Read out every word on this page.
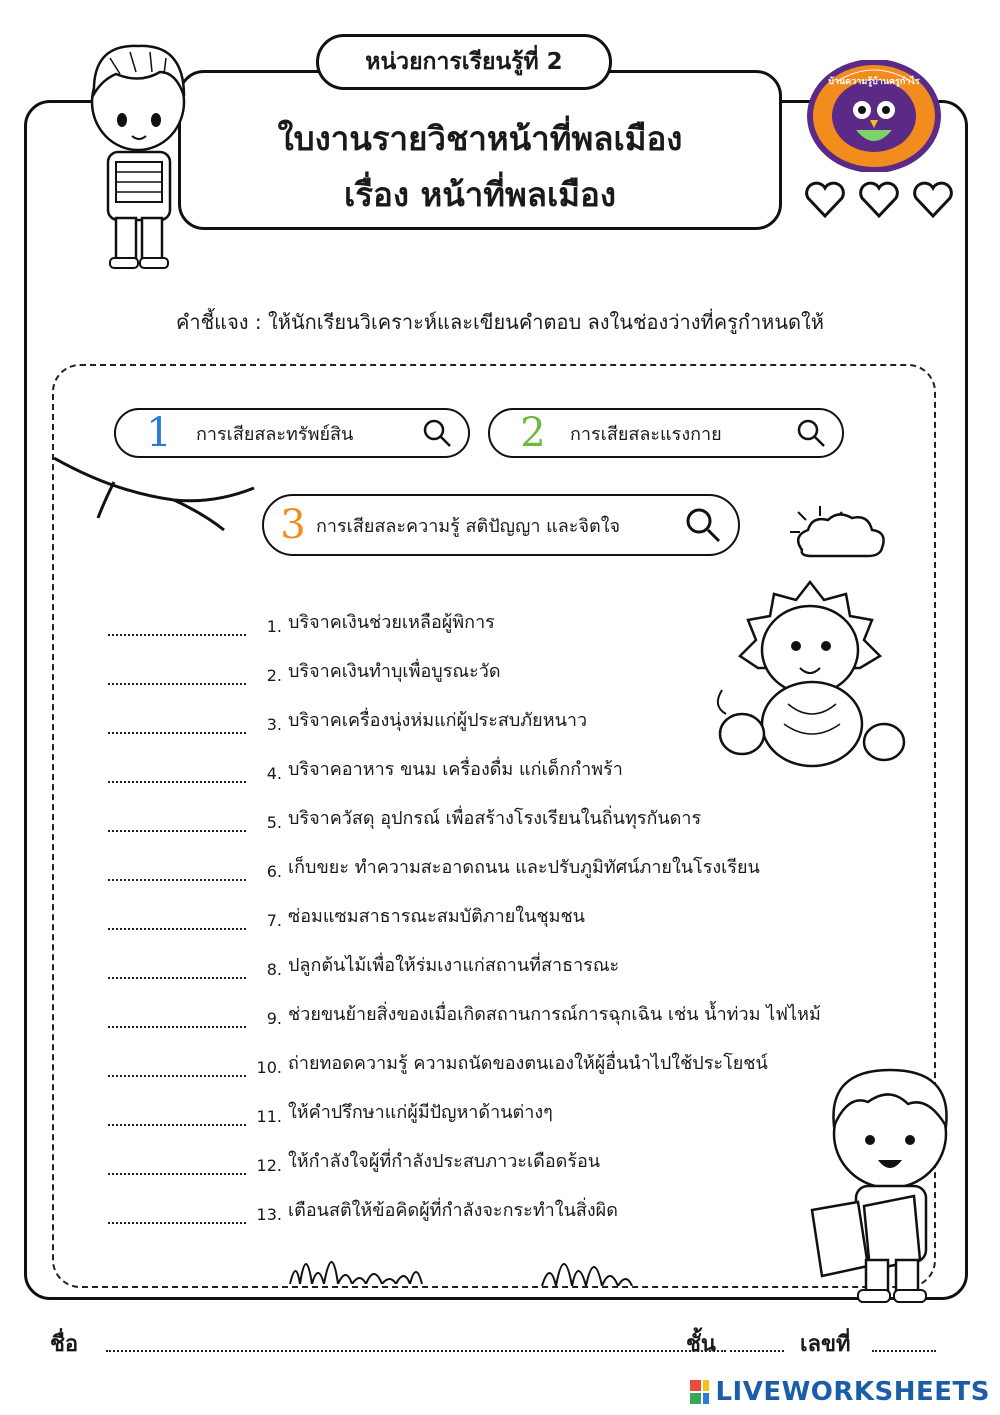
หน่วยการเรียนรู้ที่ 2
ใบงานรายวิชาหน้าที่พลเมือง
เรื่อง หน้าที่พลเมือง
บ้านความรู้บ้านครูกำไร
คำชี้แจง : ให้นักเรียนวิเคราะห์และเขียนคำตอบ ลงในช่องว่างที่ครูกำหนดให้
1	การเสียสละทรัพย์สิน	2	การเสียสละแรงกาย
3 การเสียสละความรู้ สติปัญญา และจิตใจ
1. บริจาคเงินช่วยเหลือผู้พิการ
2. บริจาคเงินทำบุเพื่อบูรณะวัด
3. บริจาคเครื่องนุ่งห่มแก่ผู้ประสบภัยหนาว
4. บริจาคอาหาร ขนม เครื่องดื่ม แก่เด็กกำพร้า
5. บริจาควัสดุ อุปกรณ์ เพื่อสร้างโรงเรียนในถิ่นทุรกันดาร
6. เก็บขยะ ทำความสะอาดถนน และปรับภูมิทัศน์ภายในโรงเรียน
7. ซ่อมแซมสาธารณะสมบัติภายในชุมชน
8. ปลูกต้นไม้เพื่อให้ร่มเงาแก่สถานที่สาธารณะ
9. ช่วยขนย้ายสิ่งของเมื่อเกิดสถานการณ์การฉุกเฉิน เช่น น้ำท่วม ไฟไหม้
10. ถ่ายทอดความรู้ ความถนัดของตนเองให้ผู้อื่นนำไปใช้ประโยชน์
11. ให้คำปรึกษาแก่ผู้มีปัญหาด้านต่างๆ
12. ให้กำลังใจผู้ที่กำลังประสบภาวะเดือดร้อน
13. เตือนสติให้ข้อคิดผู้ที่กำลังจะกระทำในสิ่งผิด
ชื่อ	ชั้น	เลขที่
LIVEWORKSHEETS
